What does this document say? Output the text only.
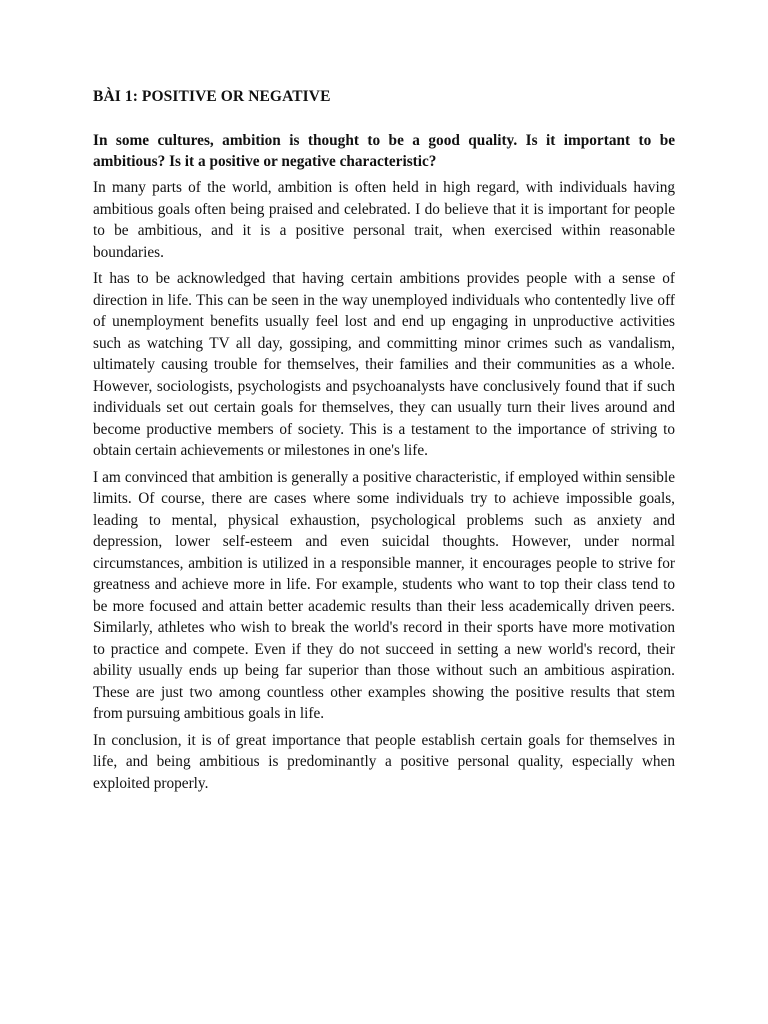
BÀI 1: POSITIVE OR NEGATIVE

In some cultures, ambition is thought to be a good quality. Is it important to be ambitious? Is it a positive or negative characteristic?

In many parts of the world, ambition is often held in high regard, with individuals having ambitious goals often being praised and celebrated. I do believe that it is important for people to be ambitious, and it is a positive personal trait, when exercised within reasonable boundaries.

It has to be acknowledged that having certain ambitions provides people with a sense of direction in life. This can be seen in the way unemployed individuals who contentedly live off of unemployment benefits usually feel lost and end up engaging in unproductive activities such as watching TV all day, gossiping, and committing minor crimes such as vandalism, ultimately causing trouble for themselves, their families and their communities as a whole. However, sociologists, psychologists and psychoanalysts have conclusively found that if such individuals set out certain goals for themselves, they can usually turn their lives around and become productive members of society. This is a testament to the importance of striving to obtain certain achievements or milestones in one's life.

I am convinced that ambition is generally a positive characteristic, if employed within sensible limits. Of course, there are cases where some individuals try to achieve impossible goals, leading to mental, physical exhaustion, psychological problems such as anxiety and depression, lower self-esteem and even suicidal thoughts. However, under normal circumstances, ambition is utilized in a responsible manner, it encourages people to strive for greatness and achieve more in life. For example, students who want to top their class tend to be more focused and attain better academic results than their less academically driven peers. Similarly, athletes who wish to break the world's record in their sports have more motivation to practice and compete. Even if they do not succeed in setting a new world's record, their ability usually ends up being far superior than those without such an ambitious aspiration. These are just two among countless other examples showing the positive results that stem from pursuing ambitious goals in life.

In conclusion, it is of great importance that people establish certain goals for themselves in life, and being ambitious is predominantly a positive personal quality, especially when exploited properly.
